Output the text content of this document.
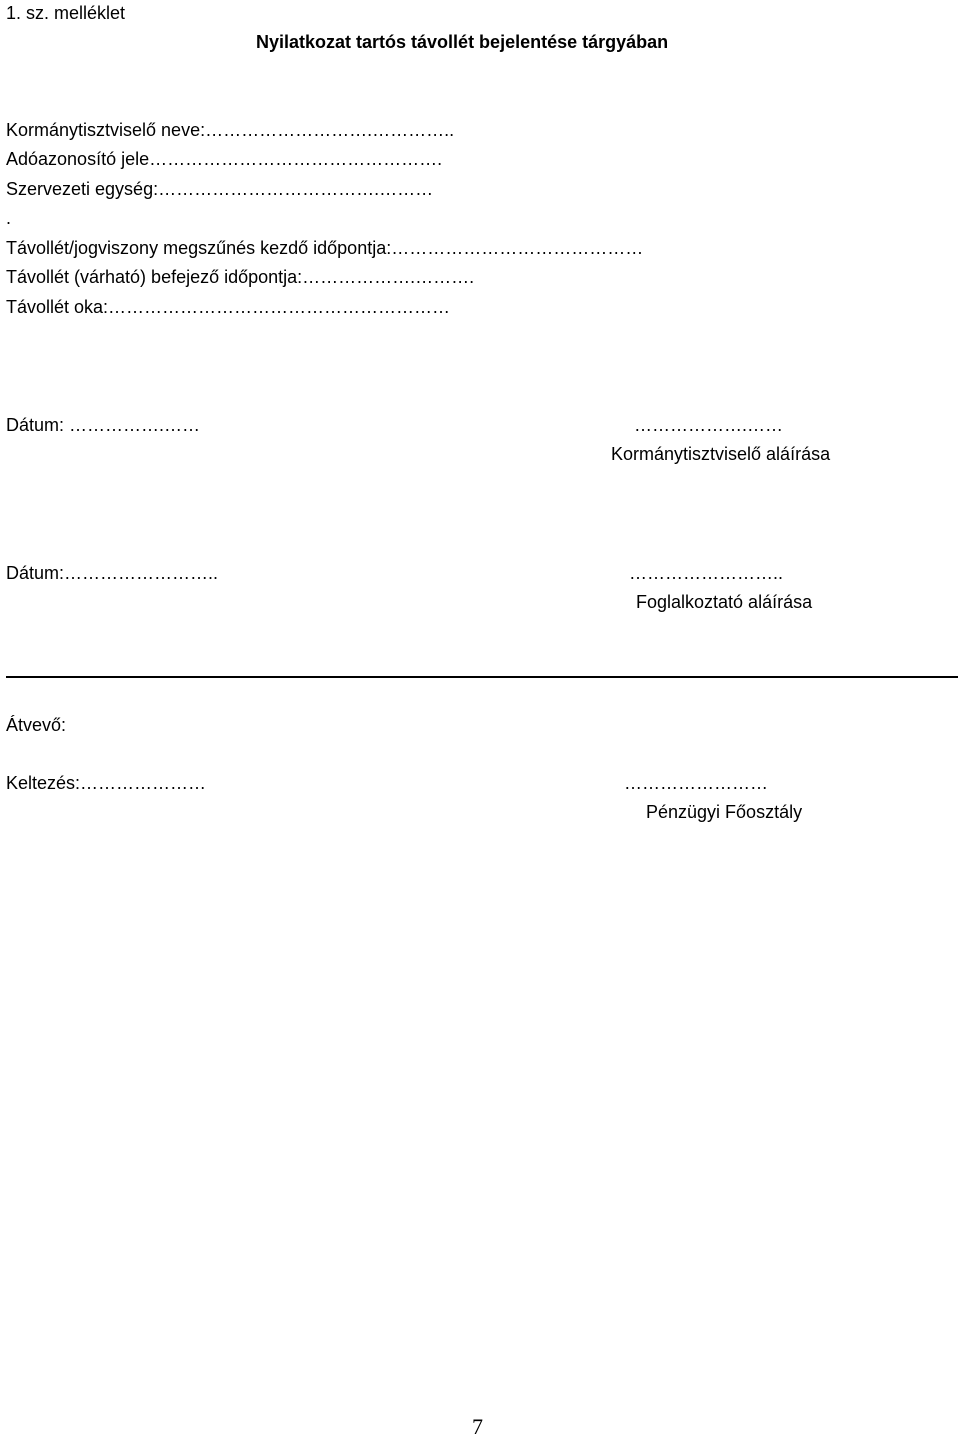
1. sz. melléklet
Nyilatkozat tartós távollét bejelentése tárgyában
Kormánytisztviselő neve:……………………….…………..
Adóazonosító jele………………………………………….
Szervezeti egység:……………………………….………
.
Távollét/jogviszony megszűnés kezdő időpontja:……………………………………
Távollét (várható) befejező időpontja:……………….……….
Távollét oka:…………………………………………………
Dátum: …………….……	……………….……
Kormánytisztviselő aláírása
Dátum:……………………..	……………………..
Foglalkoztató aláírása
Átvevő:
Keltezés:…………………	……………………
Pénzügyi Főosztály
7
